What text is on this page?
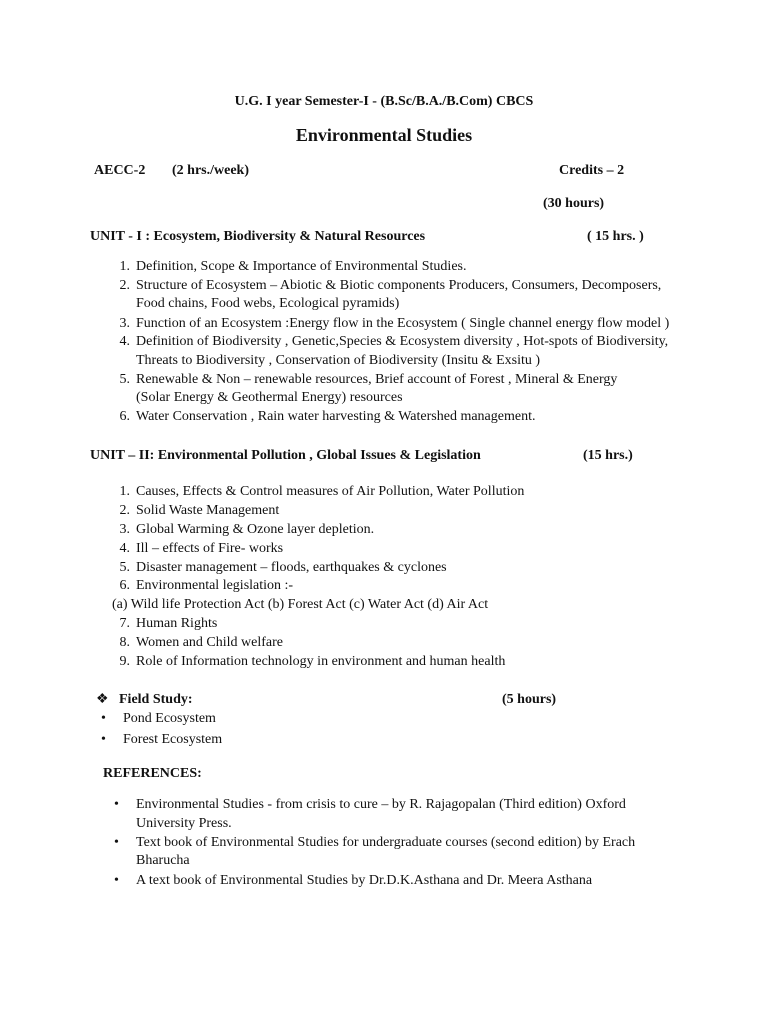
U.G. I year Semester-I - (B.Sc/B.A./B.Com) CBCS
Environmental Studies
AECC-2 (2 hrs./week)	Credits – 2
(30 hours)
UNIT - I : Ecosystem, Biodiversity & Natural Resources	( 15 hrs. )
1. Definition, Scope & Importance of Environmental Studies.
2. Structure of Ecosystem – Abiotic & Biotic components Producers, Consumers, Decomposers,
Food chains, Food webs, Ecological pyramids)
3. Function of an Ecosystem :Energy flow in the Ecosystem ( Single channel energy flow model )
4. Definition of Biodiversity , Genetic,Species & Ecosystem diversity , Hot-spots of Biodiversity,
Threats to Biodiversity , Conservation of Biodiversity (Insitu & Exsitu )
5. Renewable & Non – renewable resources, Brief account of Forest , Mineral & Energy
(Solar Energy & Geothermal Energy) resources
6. Water Conservation , Rain water harvesting & Watershed management.
UNIT – II: Environmental Pollution , Global Issues & Legislation	(15 hrs.)
1. Causes, Effects & Control measures of Air Pollution, Water Pollution
2. Solid Waste Management
3. Global Warming & Ozone layer depletion.
4. Ill – effects of Fire- works
5. Disaster management – floods, earthquakes & cyclones
6. Environmental legislation :-
(a) Wild life Protection Act (b) Forest Act (c) Water Act (d) Air Act
7. Human Rights
8. Women and Child welfare
9. Role of Information technology in environment and human health
❖ Field Study:	(5 hours)
• Pond Ecosystem
• Forest Ecosystem
REFERENCES:
• Environmental Studies - from crisis to cure – by R. Rajagopalan (Third edition) Oxford
University Press.
• Text book of Environmental Studies for undergraduate courses (second edition) by Erach
Bharucha
• A text book of Environmental Studies by Dr.D.K.Asthana and Dr. Meera Asthana
